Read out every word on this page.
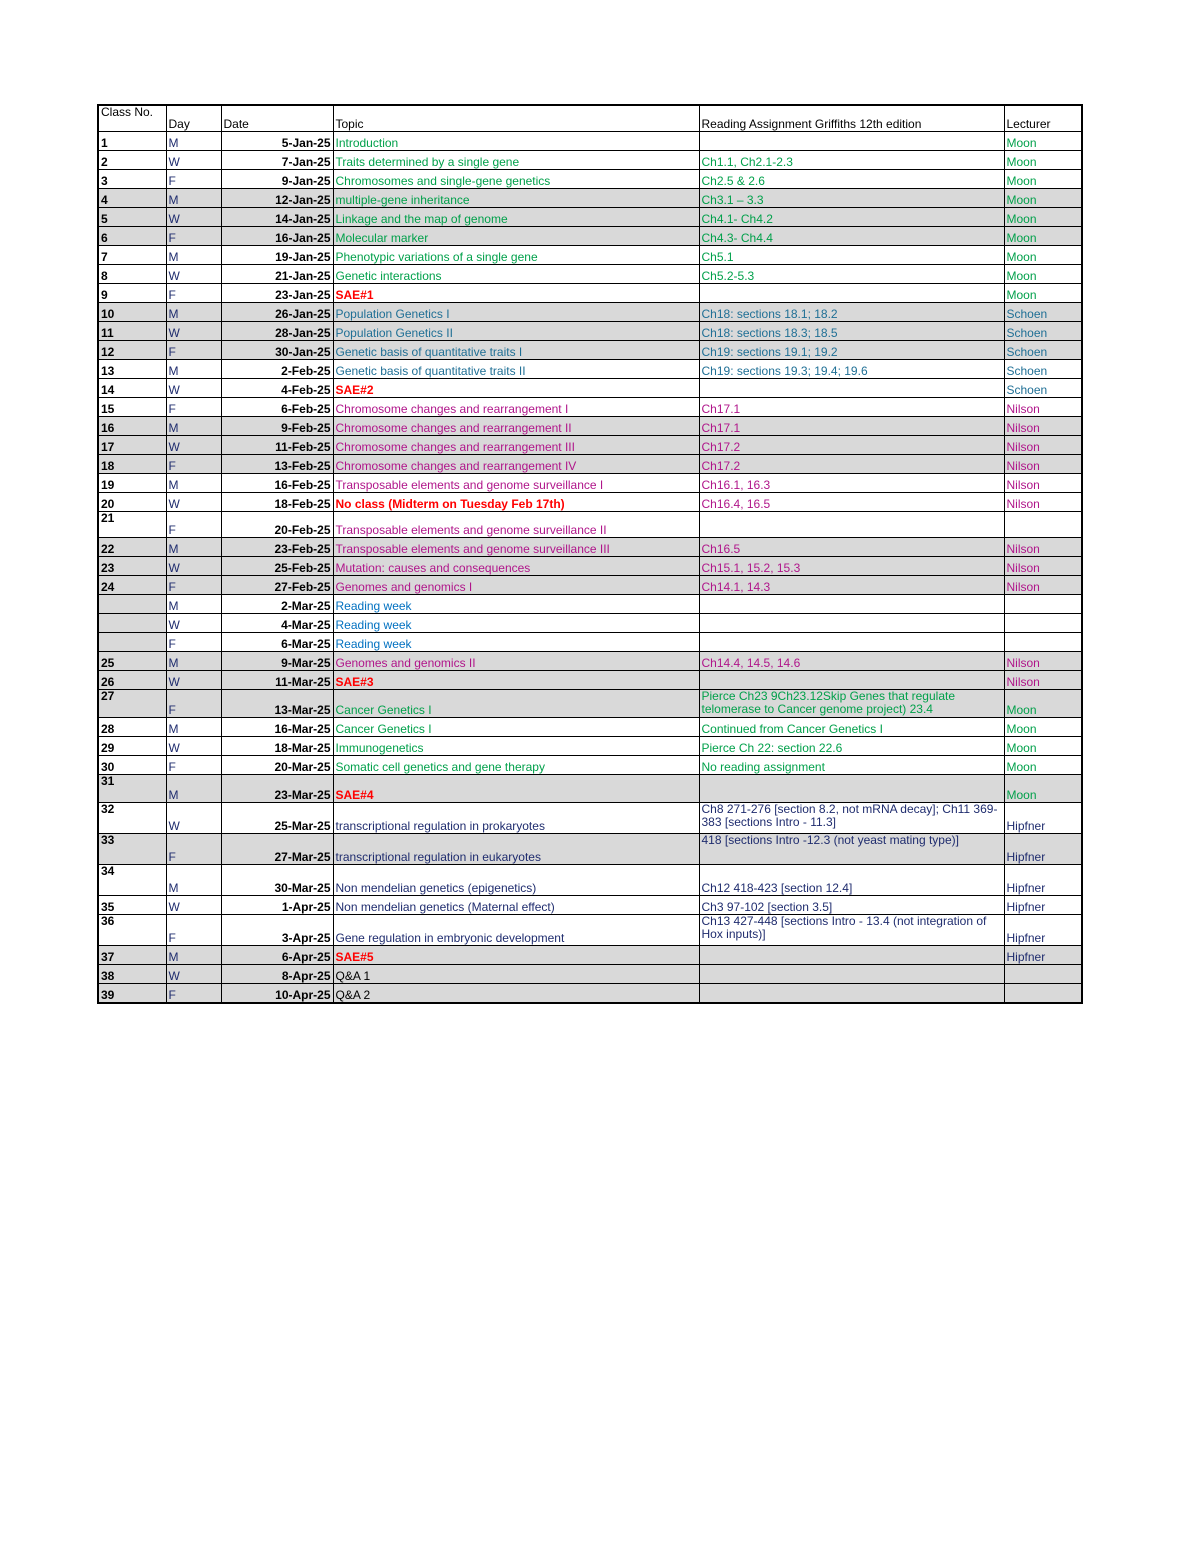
Class No.	Day	Date	Topic	Reading Assignment Griffiths 12th edition	Lecturer
1	M	5-Jan-25	Introduction		Moon
2	W	7-Jan-25	Traits determined by a single gene	Ch1.1, Ch2.1-2.3	Moon
3	F	9-Jan-25	Chromosomes and single-gene genetics	Ch2.5 & 2.6	Moon
4	M	12-Jan-25	multiple-gene inheritance	Ch3.1 – 3.3	Moon
5	W	14-Jan-25	Linkage and the map of genome	Ch4.1- Ch4.2	Moon
6	F	16-Jan-25	Molecular marker	Ch4.3- Ch4.4	Moon
7	M	19-Jan-25	Phenotypic variations of a single gene	Ch5.1	Moon
8	W	21-Jan-25	Genetic interactions	Ch5.2-5.3	Moon
9	F	23-Jan-25	SAE#1		Moon
10	M	26-Jan-25	Population Genetics I	Ch18: sections 18.1; 18.2	Schoen
11	W	28-Jan-25	Population Genetics II	Ch18: sections 18.3; 18.5	Schoen
12	F	30-Jan-25	Genetic basis of quantitative traits I	Ch19: sections 19.1; 19.2	Schoen
13	M	2-Feb-25	Genetic basis of quantitative traits II	Ch19: sections 19.3; 19.4; 19.6	Schoen
14	W	4-Feb-25	SAE#2		Schoen
15	F	6-Feb-25	Chromosome changes and rearrangement I	Ch17.1	Nilson
16	M	9-Feb-25	Chromosome changes and rearrangement II	Ch17.1	Nilson
17	W	11-Feb-25	Chromosome changes and rearrangement III	Ch17.2	Nilson
18	F	13-Feb-25	Chromosome changes and rearrangement IV	Ch17.2	Nilson
19	M	16-Feb-25	Transposable elements and genome surveillance I	Ch16.1, 16.3	Nilson
20	W	18-Feb-25	No class (Midterm on Tuesday Feb 17th)	Ch16.4, 16.5	Nilson
21	F	20-Feb-25	Transposable elements and genome surveillance II		
22	M	23-Feb-25	Transposable elements and genome surveillance III	Ch16.5	Nilson
23	W	25-Feb-25	Mutation: causes and consequences	Ch15.1, 15.2, 15.3	Nilson
24	F	27-Feb-25	Genomes and genomics I	Ch14.1, 14.3	Nilson
	M	2-Mar-25	Reading week		
	W	4-Mar-25	Reading week		
	F	6-Mar-25	Reading week		
25	M	9-Mar-25	Genomes and genomics II	Ch14.4, 14.5, 14.6	Nilson
26	W	11-Mar-25	SAE#3		Nilson
27	F	13-Mar-25	Cancer Genetics I	Pierce Ch23 9Ch23.12Skip Genes that regulate telomerase to Cancer genome project) 23.4	Moon
28	M	16-Mar-25	Cancer Genetics I	Continued from Cancer Genetics I	Moon
29	W	18-Mar-25	Immunogenetics	Pierce Ch 22: section 22.6	Moon
30	F	20-Mar-25	Somatic cell genetics and gene therapy	No reading assignment	Moon
31	M	23-Mar-25	SAE#4		Moon
32	W	25-Mar-25	transcriptional regulation in prokaryotes	Ch8 271-276 [section 8.2, not mRNA decay]; Ch11 369-383 [sections Intro - 11.3]	Hipfner
33	F	27-Mar-25	transcriptional regulation in eukaryotes	418 [sections Intro -12.3 (not yeast mating type)]	Hipfner
34	M	30-Mar-25	Non mendelian genetics (epigenetics)	Ch12 418-423 [section 12.4]	Hipfner
35	W	1-Apr-25	Non mendelian genetics (Maternal effect)	Ch3 97-102 [section 3.5]	Hipfner
36	F	3-Apr-25	Gene regulation in embryonic development	Ch13 427-448 [sections Intro - 13.4 (not integration of Hox inputs)]	Hipfner
37	M	6-Apr-25	SAE#5		Hipfner
38	W	8-Apr-25	Q&A 1		
39	F	10-Apr-25	Q&A 2		
